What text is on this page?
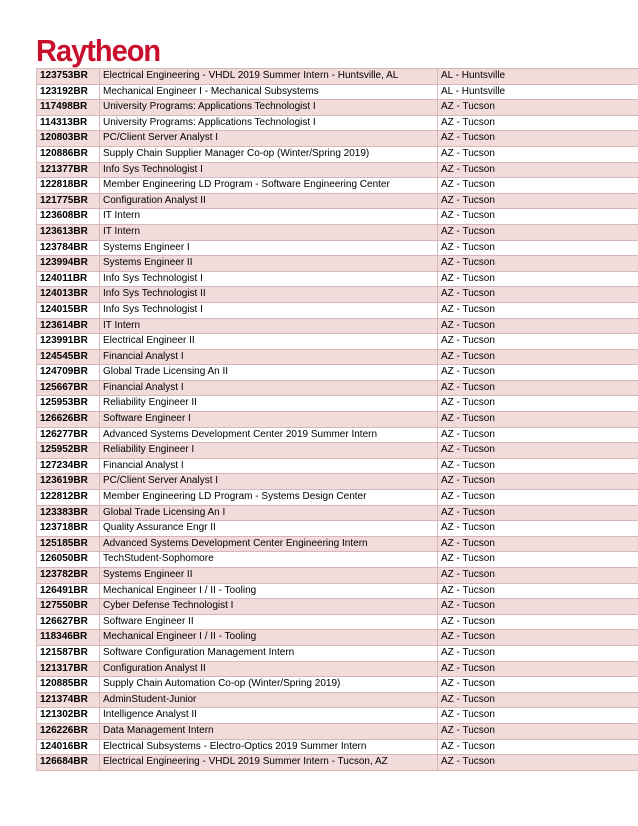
Raytheon
123753BR	Electrical Engineering - VHDL 2019 Summer Intern - Huntsville, AL	AL - Huntsville
123192BR	Mechanical Engineer I - Mechanical Subsystems	AL - Huntsville
117498BR	University Programs: Applications Technologist I	AZ - Tucson
114313BR	University Programs: Applications Technologist I	AZ - Tucson
120803BR	PC/Client Server Analyst I	AZ - Tucson
120886BR	Supply Chain Supplier Manager Co-op (Winter/Spring 2019)	AZ - Tucson
121377BR	Info Sys Technologist I	AZ - Tucson
122818BR	Member Engineering LD Program - Software Engineering Center	AZ - Tucson
121775BR	Configuration Analyst II	AZ - Tucson
123608BR	IT Intern	AZ - Tucson
123613BR	IT Intern	AZ - Tucson
123784BR	Systems Engineer I	AZ - Tucson
123994BR	Systems Engineer II	AZ - Tucson
124011BR	Info Sys Technologist I	AZ - Tucson
124013BR	Info Sys Technologist II	AZ - Tucson
124015BR	Info Sys Technologist I	AZ - Tucson
123614BR	IT Intern	AZ - Tucson
123991BR	Electrical Engineer II	AZ - Tucson
124545BR	Financial Analyst I	AZ - Tucson
124709BR	Global Trade Licensing An II	AZ - Tucson
125667BR	Financial Analyst I	AZ - Tucson
125953BR	Reliability Engineer II	AZ - Tucson
126626BR	Software Engineer I	AZ - Tucson
126277BR	Advanced Systems Development Center 2019 Summer Intern	AZ - Tucson
125952BR	Reliability Engineer I	AZ - Tucson
127234BR	Financial Analyst I	AZ - Tucson
123619BR	PC/Client Server Analyst I	AZ - Tucson
122812BR	Member Engineering LD Program - Systems Design Center	AZ - Tucson
123383BR	Global Trade Licensing An I	AZ - Tucson
123718BR	Quality Assurance Engr II	AZ - Tucson
125185BR	Advanced Systems Development Center Engineering Intern	AZ - Tucson
126050BR	TechStudent-Sophomore	AZ - Tucson
123782BR	Systems Engineer II	AZ - Tucson
126491BR	Mechanical Engineer I / II - Tooling	AZ - Tucson
127550BR	Cyber Defense Technologist I	AZ - Tucson
126627BR	Software Engineer II	AZ - Tucson
118346BR	Mechanical Engineer I / II - Tooling	AZ - Tucson
121587BR	Software Configuration Management Intern	AZ - Tucson
121317BR	Configuration Analyst II	AZ - Tucson
120885BR	Supply Chain Automation Co-op (Winter/Spring 2019)	AZ - Tucson
121374BR	AdminStudent-Junior	AZ - Tucson
121302BR	Intelligence Analyst II	AZ - Tucson
126226BR	Data Management Intern	AZ - Tucson
124016BR	Electrical Subsystems - Electro-Optics 2019 Summer Intern	AZ - Tucson
126684BR	Electrical Engineering - VHDL 2019 Summer Intern - Tucson, AZ	AZ - Tucson
